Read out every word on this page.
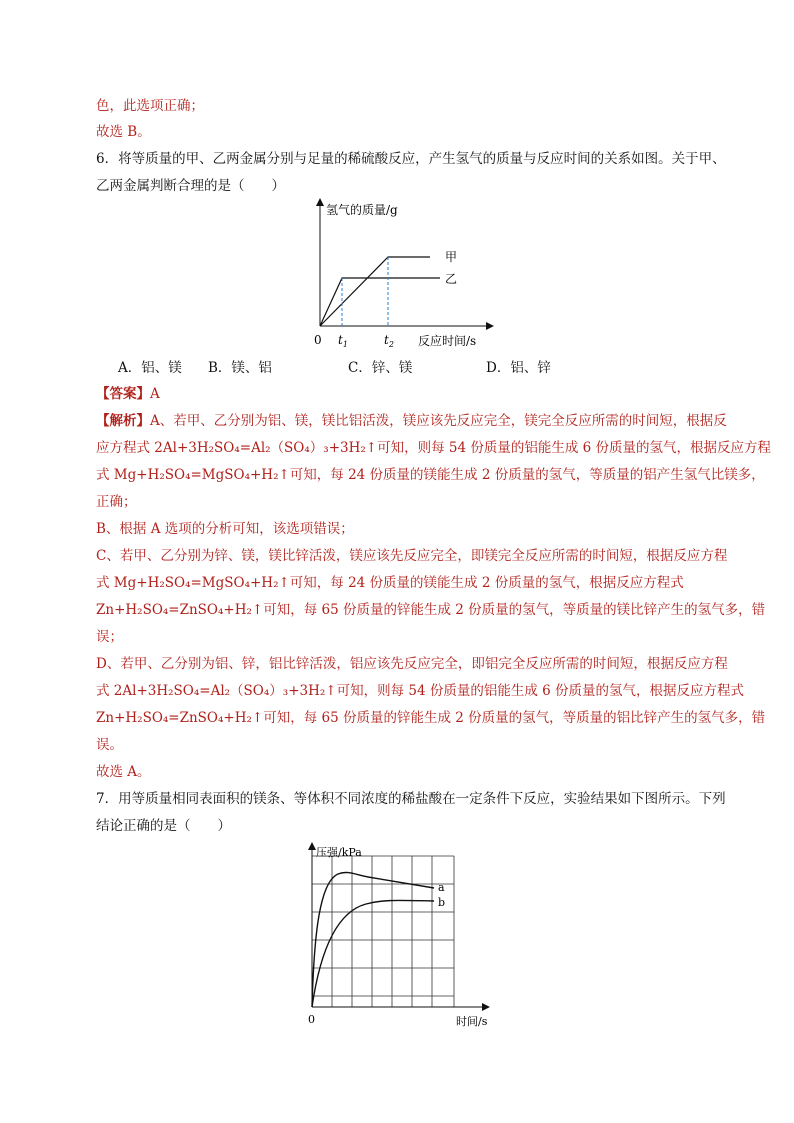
色，此选项正确；
故选 B。
6．将等质量的甲、乙两金属分别与足量的稀硫酸反应，产生氢气的质量与反应时间的关系如图。关于甲、
乙两金属判断合理的是（　　）
氢气的质量/g
反应时间/s
0
甲
乙
$t_1$	$t_2$
A．铝、镁 B．镁、铝	C．锌、镁	D．铝、锌
【答案】A
【解析】A、若甲、乙分别为铝、镁，镁比铝活泼，镁应该先反应完全，镁完全反应所需的时间短，根据反
应方程式 2Al+3H₂SO₄=Al₂（SO₄）₃+3H₂↑可知，则每 54 份质量的铝能生成 6 份质量的氢气，根据反应方程
式 Mg+H₂SO₄=MgSO₄+H₂↑可知，每 24 份质量的镁能生成 2 份质量的氢气，等质量的铝产生氢气比镁多，
正确；
B、根据 A 选项的分析可知，该选项错误；
C、若甲、乙分别为锌、镁，镁比锌活泼，镁应该先反应完全，即镁完全反应所需的时间短，根据反应方程
式 Mg+H₂SO₄=MgSO₄+H₂↑可知，每 24 份质量的镁能生成 2 份质量的氢气，根据反应方程式
Zn+H₂SO₄=ZnSO₄+H₂↑可知，每 65 份质量的锌能生成 2 份质量的氢气，等质量的镁比锌产生的氢气多，错
误；
D、若甲、乙分别为铝、锌，铝比锌活泼，铝应该先反应完全，即铝完全反应所需的时间短，根据反应方程
式 2Al+3H₂SO₄=Al₂（SO₄）₃+3H₂↑可知，则每 54 份质量的铝能生成 6 份质量的氢气，根据反应方程式
Zn+H₂SO₄=ZnSO₄+H₂↑可知，每 65 份质量的锌能生成 2 份质量的氢气，等质量的铝比锌产生的氢气多，错
误。
故选 A。
7．用等质量相同表面积的镁条、等体积不同浓度的稀盐酸在一定条件下反应，实验结果如下图所示。下列
结论正确的是（　　）
压强/kPa
时间/s
0
a
b
